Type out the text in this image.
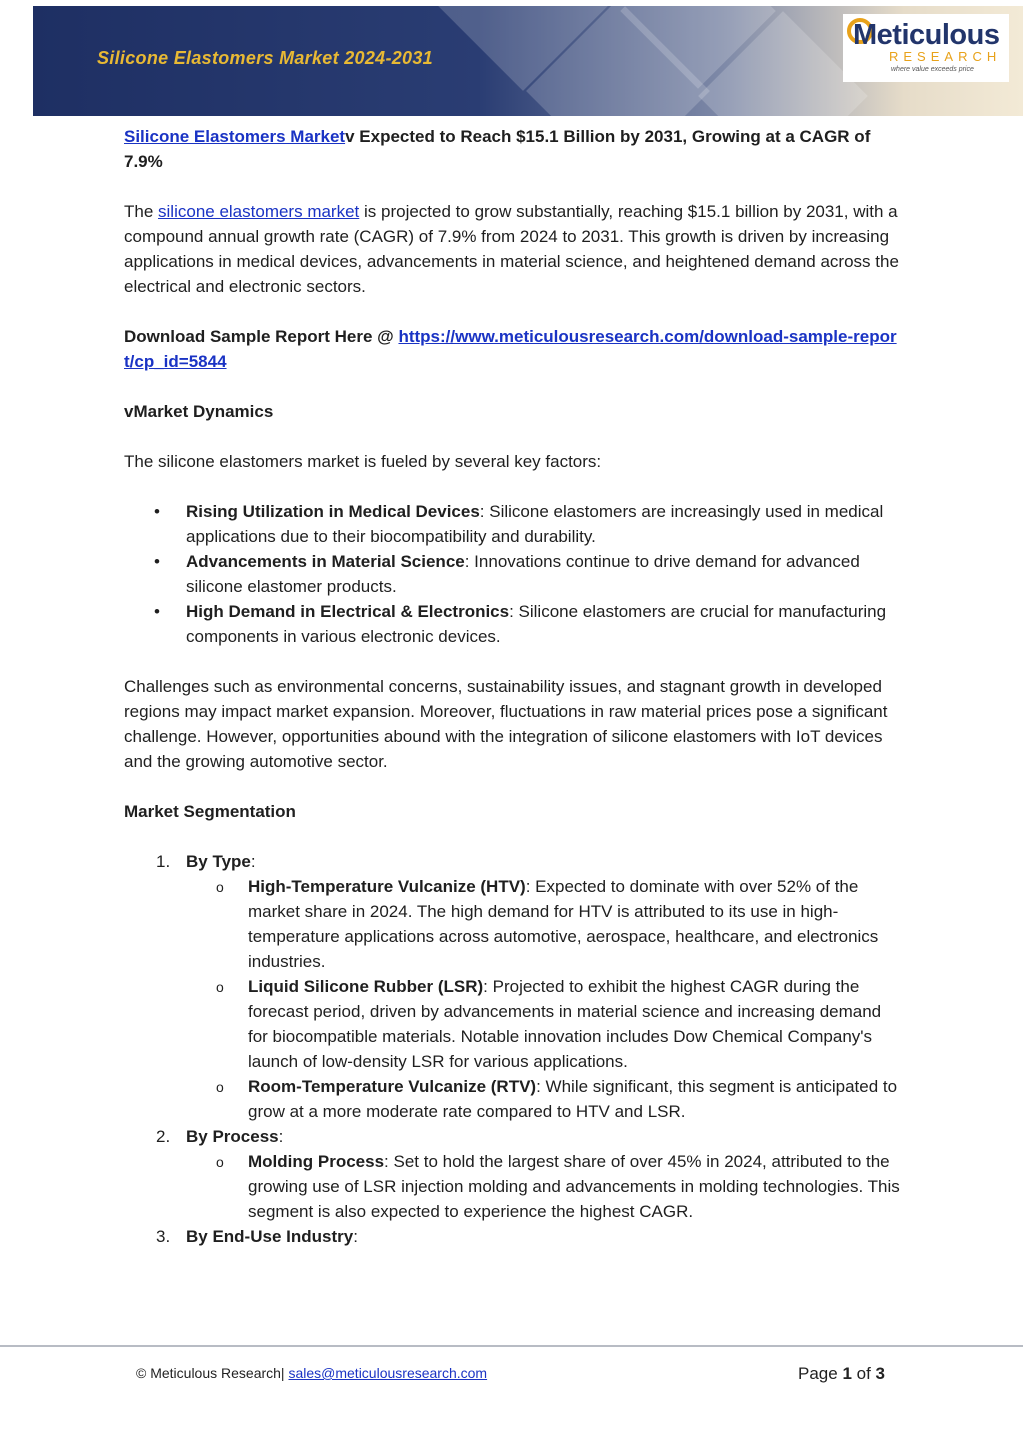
Silicone Elastomers Market 2024-2031
Meticulous
RESEARCH
where value exceeds price

Silicone Elastomers Marketv Expected to Reach $15.1 Billion by 2031, Growing at a CAGR of 7.9%

The silicone elastomers market is projected to grow substantially, reaching $15.1 billion by 2031, with a compound annual growth rate (CAGR) of 7.9% from 2024 to 2031. This growth is driven by increasing applications in medical devices, advancements in material science, and heightened demand across the electrical and electronic sectors.

Download Sample Report Here @ https://www.meticulousresearch.com/download-sample-report/cp_id=5844

vMarket Dynamics

The silicone elastomers market is fueled by several key factors:

• Rising Utilization in Medical Devices: Silicone elastomers are increasingly used in medical applications due to their biocompatibility and durability.
• Advancements in Material Science: Innovations continue to drive demand for advanced silicone elastomer products.
• High Demand in Electrical & Electronics: Silicone elastomers are crucial for manufacturing components in various electronic devices.

Challenges such as environmental concerns, sustainability issues, and stagnant growth in developed regions may impact market expansion. Moreover, fluctuations in raw material prices pose a significant challenge. However, opportunities abound with the integration of silicone elastomers with IoT devices and the growing automotive sector.

Market Segmentation

1. By Type:
o High-Temperature Vulcanize (HTV): Expected to dominate with over 52% of the market share in 2024. The high demand for HTV is attributed to its use in high-temperature applications across automotive, aerospace, healthcare, and electronics industries.
o Liquid Silicone Rubber (LSR): Projected to exhibit the highest CAGR during the forecast period, driven by advancements in material science and increasing demand for biocompatible materials. Notable innovation includes Dow Chemical Company's launch of low-density LSR for various applications.
o Room-Temperature Vulcanize (RTV): While significant, this segment is anticipated to grow at a more moderate rate compared to HTV and LSR.
2. By Process:
o Molding Process: Set to hold the largest share of over 45% in 2024, attributed to the growing use of LSR injection molding and advancements in molding technologies. This segment is also expected to experience the highest CAGR.
3. By End-Use Industry:
© Meticulous Research| sales@meticulousresearch.com	Page 1 of 3
